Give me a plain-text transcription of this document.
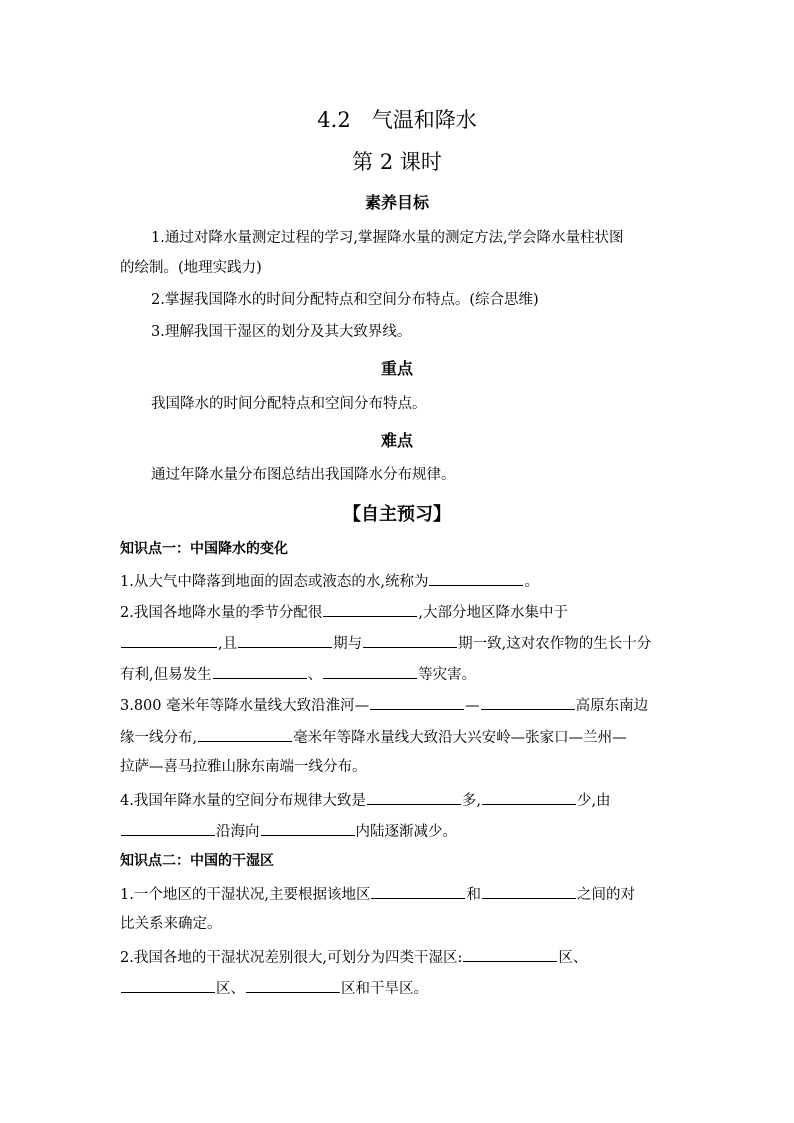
4.2　气温和降水
第 2 课时
素养目标
1.通过对降水量测定过程的学习,掌握降水量的测定方法,学会降水量柱状图
的绘制。(地理实践力)
2.掌握我国降水的时间分配特点和空间分布特点。(综合思维)
3.理解我国干湿区的划分及其大致界线。
重点
我国降水的时间分配特点和空间分布特点。
难点
通过年降水量分布图总结出我国降水分布规律。
【自主预习】
知识点一：中国降水的变化
1.从大气中降落到地面的固态或液态的水,统称为	。
2.我国各地降水量的季节分配很	,大部分地区降水集中于
,且	期与	期一致,这对农作物的生长十分
有利,但易发生	、	等灾害。
3.800 毫米年等降水量线大致沿淮河—	—	高原东南边
缘一线分布,	毫米年等降水量线大致沿大兴安岭—张家口—兰州—
拉萨—喜马拉雅山脉东南端一线分布。
4.我国年降水量的空间分布规律大致是	多,	少,由
沿海向	内陆逐渐减少。
知识点二：中国的干湿区
1.一个地区的干湿状况,主要根据该地区	和	之间的对
比关系来确定。
2.我国各地的干湿状况差别很大,可划分为四类干湿区:	区、
区、	区和干旱区。
